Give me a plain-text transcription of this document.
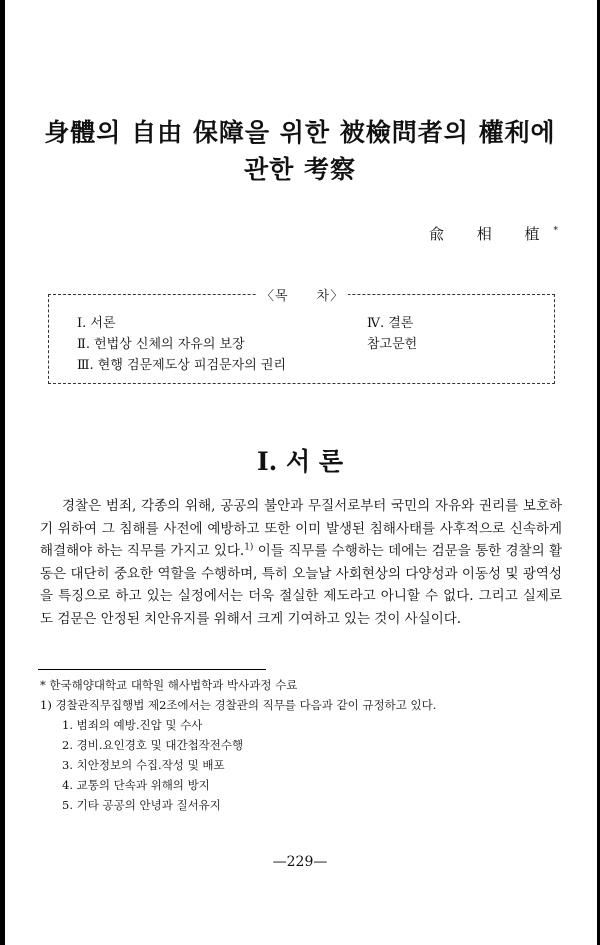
身體의 自由 保障을 위한 被檢問者의 權利에
관한 考察
兪 相 植*
〈목　　차〉
Ⅰ. 서론
Ⅱ. 헌법상 신체의 자유의 보장
Ⅲ. 현행 검문제도상 피검문자의 권리
Ⅳ. 결론
참고문헌
Ⅰ. 서 론
경찰은 범죄, 각종의 위해, 공공의 불안과 무질서로부터 국민의 자유와 권리를 보호하기 위하여 그 침해를 사전에 예방하고 또한 이미 발생된 침해사태를 사후적으로 신속하게 해결해야 하는 직무를 가지고 있다.$^{1)}$ 이들 직무를 수행하는 데에는 검문을 통한 경찰의 활동은 대단히 중요한 역할을 수행하며, 특히 오늘날 사회현상의 다양성과 이동성 및 광역성을 특징으로 하고 있는 실정에서는 더욱 절실한 제도라고 아니할 수 없다. 그리고 실제로도 검문은 안정된 치안유지를 위해서 크게 기여하고 있는 것이 사실이다.
* 한국해양대학교 대학원 해사법학과 박사과정 수료
1) 경찰관직무집행법 제2조에서는 경찰관의 직무를 다음과 같이 규정하고 있다.
1. 범죄의 예방.진압 및 수사
2. 경비.요인경호 및 대간첩작전수행
3. 치안정보의 수집.작성 및 배포
4. 교통의 단속과 위해의 방지
5. 기타 공공의 안녕과 질서유지
—229—
